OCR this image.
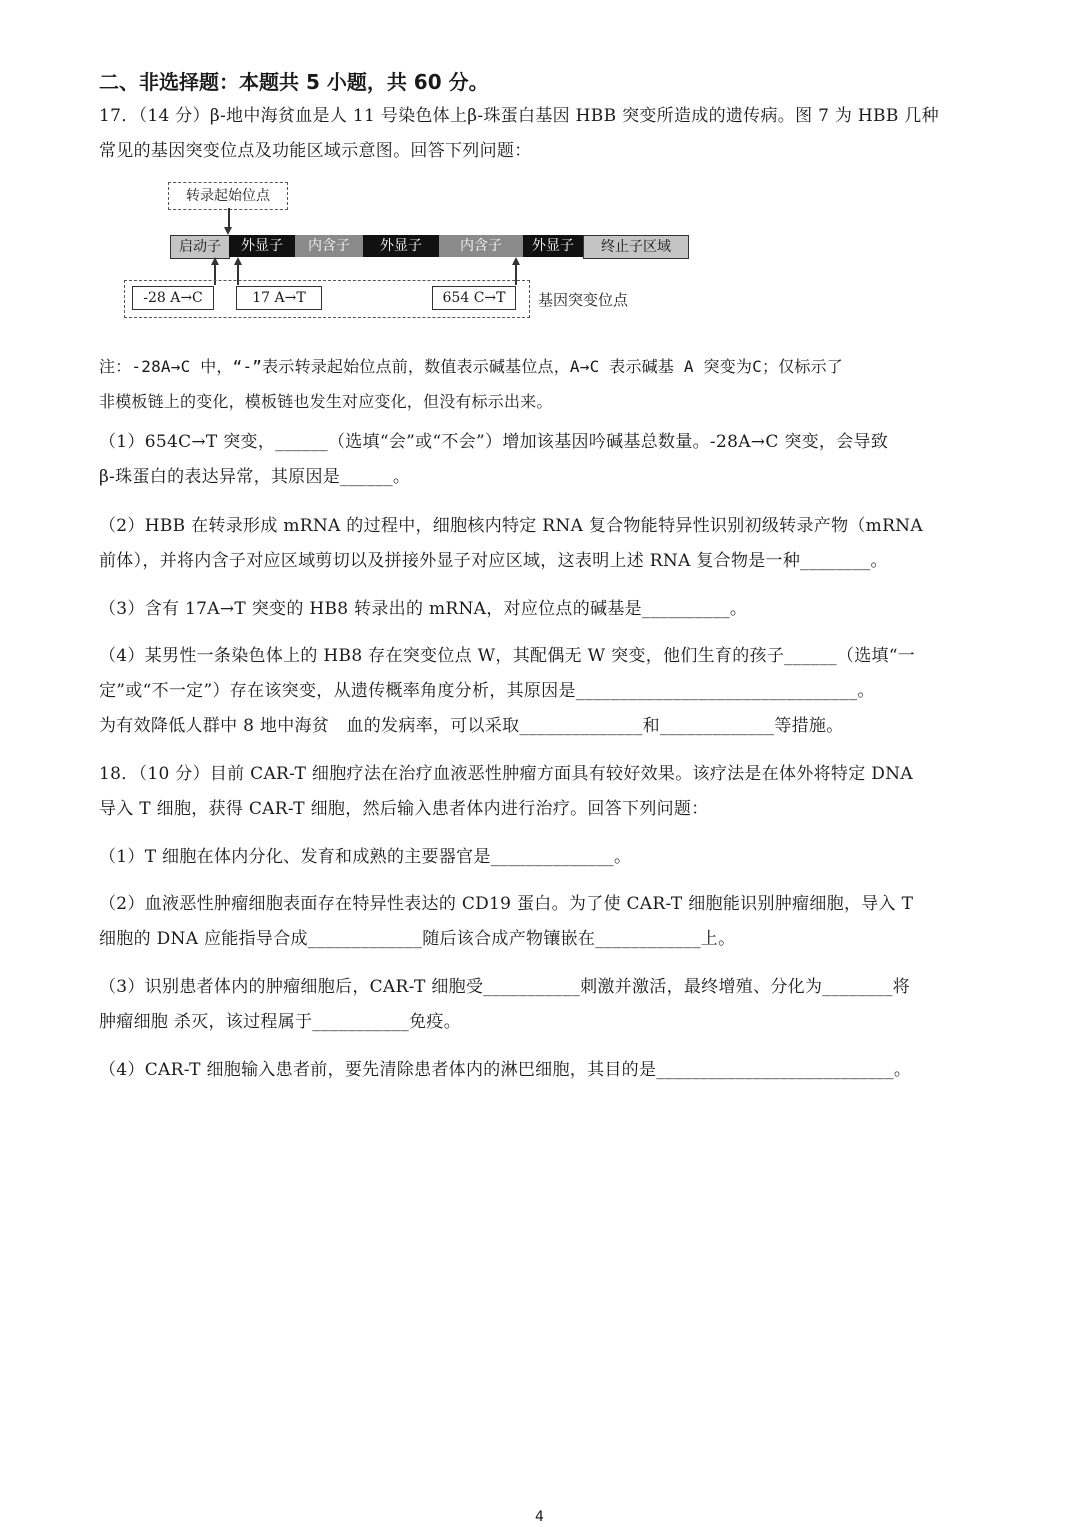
二、非选择题：本题共 5 小题，共 60 分。
17．（14 分）β-地中海贫血是人 11 号染色体上β-珠蛋白基因 HBB 突变所造成的遗传病。图 7 为 HBB 几种
常见的基因突变位点及功能区域示意图。回答下列问题：
转录起始位点
启动子	外显子	内含子	外显子	内含子	外显子	终止子区域
-28 A→C	17 A→T	654 C→T	基因突变位点
注：-28A→C 中，“-”表示转录起始位点前，数值表示碱基位点，A→C 表示碱基 A 突变为C；仅标示了
非模板链上的变化，模板链也发生对应变化，但没有标示出来。
（1）654C→T 突变，______（选填“会”或“不会”）增加该基因吟碱基总数量。-28A→C 突变，会导致
β-珠蛋白的表达异常，其原因是______。
（2）HBB 在转录形成 mRNA 的过程中，细胞核内特定 RNA 复合物能特异性识别初级转录产物（mRNA
前体），并将内含子对应区域剪切以及拼接外显子对应区域，这表明上述 RNA 复合物是一种________。
（3）含有 17A→T 突变的 HB8 转录出的 mRNA，对应位点的碱基是__________。
（4）某男性一条染色体上的 HB8 存在突变位点 W，其配偶无 W 突变，他们生育的孩子______（选填“一
定”或“不一定”）存在该突变，从遗传概率角度分析，其原因是________________________________。
为有效降低人群中 8 地中海贫　血的发病率，可以采取______________和_____________等措施。
18．（10 分）目前 CAR-T 细胞疗法在治疗血液恶性肿瘤方面具有较好效果。该疗法是在体外将特定 DNA
导入 T 细胞，获得 CAR-T 细胞，然后输入患者体内进行治疗。回答下列问题：
（1）T 细胞在体内分化、发育和成熟的主要器官是______________。
（2）血液恶性肿瘤细胞表面存在特异性表达的 CD19 蛋白。为了使 CAR-T 细胞能识别肿瘤细胞，导入 T
细胞的 DNA 应能指导合成_____________随后该合成产物镶嵌在____________上。
（3）识别患者体内的肿瘤细胞后，CAR-T 细胞受___________刺激并激活，最终增殖、分化为________将
肿瘤细胞 杀灭，该过程属于___________免疫。
（4）CAR-T 细胞输入患者前，要先清除患者体内的淋巴细胞，其目的是___________________________。
4
